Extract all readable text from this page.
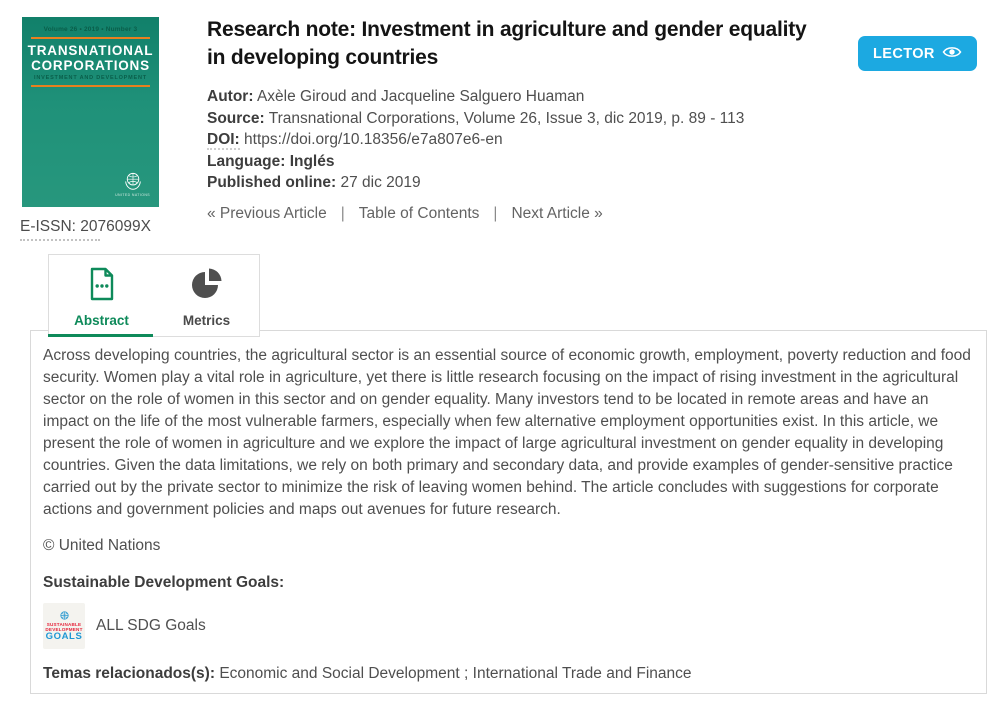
Volume 26 • 2019 • Number 3
TRANSNATIONAL
CORPORATIONS
INVESTMENT AND DEVELOPMENT
UNITED NATIONS
E-ISSN: 2076099X
Research note: Investment in agriculture and gender equality in developing countries	LECTOR
Autor: Axèle Giroud and Jacqueline Salguero Huaman
Source: Transnational Corporations, Volume 26, Issue 3, dic 2019, p. 89 - 113
DOI: https://doi.org/10.18356/e7a807e6-en
Language: Inglés
Published online: 27 dic 2019
« Previous Article | Table of Contents | Next Article »
Abstract	Metrics

Across developing countries, the agricultural sector is an essential source of economic growth, employment, poverty reduction and food security. Women play a vital role in agriculture, yet there is little research focusing on the impact of rising investment in the agricultural sector on the role of women in this sector and on gender equality. Many investors tend to be located in remote areas and have an impact on the life of the most vulnerable farmers, especially when few alternative employment opportunities exist. In this article, we present the role of women in agriculture and we explore the impact of large agricultural investment on gender equality in developing countries. Given the data limitations, we rely on both primary and secondary data, and provide examples of gender-sensitive practice carried out by the private sector to minimize the risk of leaving women behind. The article concludes with suggestions for corporate actions and government policies and maps out avenues for future research.

© United Nations

Sustainable Development Goals:

SUSTAINABLE
DEVELOPMENT
GOALS
ALL SDG Goals

Temas relacionados(s): Economic and Social Development ; International Trade and Finance
